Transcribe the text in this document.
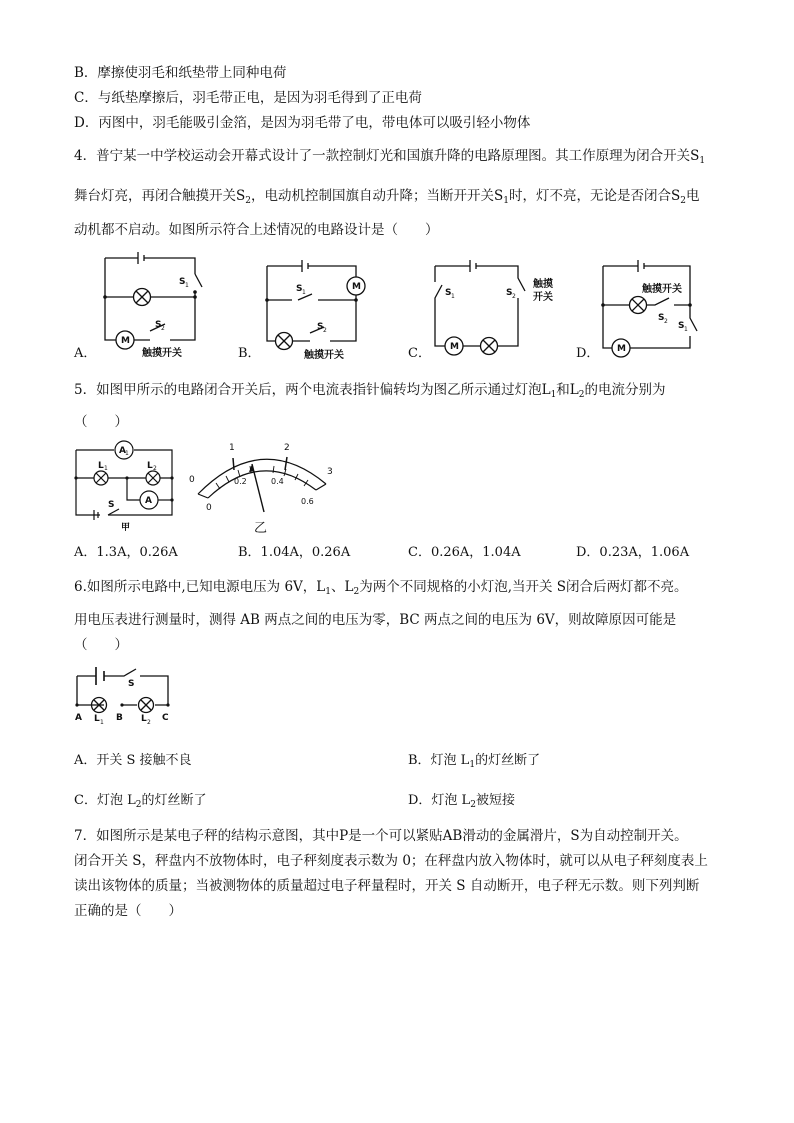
B．摩擦使羽毛和纸垫带上同种电荷
C．与纸垫摩擦后，羽毛带正电，是因为羽毛得到了正电荷
D．丙图中，羽毛能吸引金箔，是因为羽毛带了电，带电体可以吸引轻小物体
4．普宁某一中学校运动会开幕式设计了一款控制灯光和国旗升降的电路原理图。其工作原理为闭合开关$S_1$
舞台灯亮，再闭合触摸开关$S_2$，电动机控制国旗自动升降；当断开开关$S_1$时，灯不亮，无论是否闭合$S_2$电
动机都不启动。如图所示符合上述情况的电路设计是（　　）
A．
M
S 1
S 2
触摸开关	B．
M
S 1
S 2
触摸开关	C． M
S 1	S 2
触摸
开关
D． M
触摸开关
S 2 S 1
5．如图甲所示的电路闭合开关后，两个电流表指针偏转均为图乙所示通过灯泡$L_1$和$L_2$的电流分别为
（　　）
A 1
A
L 1	L 2
S
甲
0
1	2
3
0
0.2	0.4
0.6
乙
A．1.3A，0.26A	B．1.04A，0.26A	C．0.26A，1.04A	D．0.23A，1.06A
6.如图所示电路中,已知电源电压为 6V，$L_1$、$L_2$为两个不同规格的小灯泡,当开关 S闭合后两灯都不亮。
用电压表进行测量时，测得 AB 两点之间的电压为零，BC 两点之间的电压为 6V，则故障原因可能是
（　　）
S
A L 1 B L 2 C
A．开关 S 接触不良	B．灯泡 $L_1$的灯丝断了
C．灯泡 $L_2$的灯丝断了	D．灯泡 $L_2$被短接
7．如图所示是某电子秤的结构示意图，其中P是一个可以紧贴AB滑动的金属滑片，S为自动控制开关。
闭合开关 S，秤盘内不放物体时，电子秤刻度表示数为 0；在秤盘内放入物体时，就可以从电子秤刻度表上
读出该物体的质量；当被测物体的质量超过电子秤量程时，开关 S 自动断开，电子秤无示数。则下列判断
正确的是（　　）
